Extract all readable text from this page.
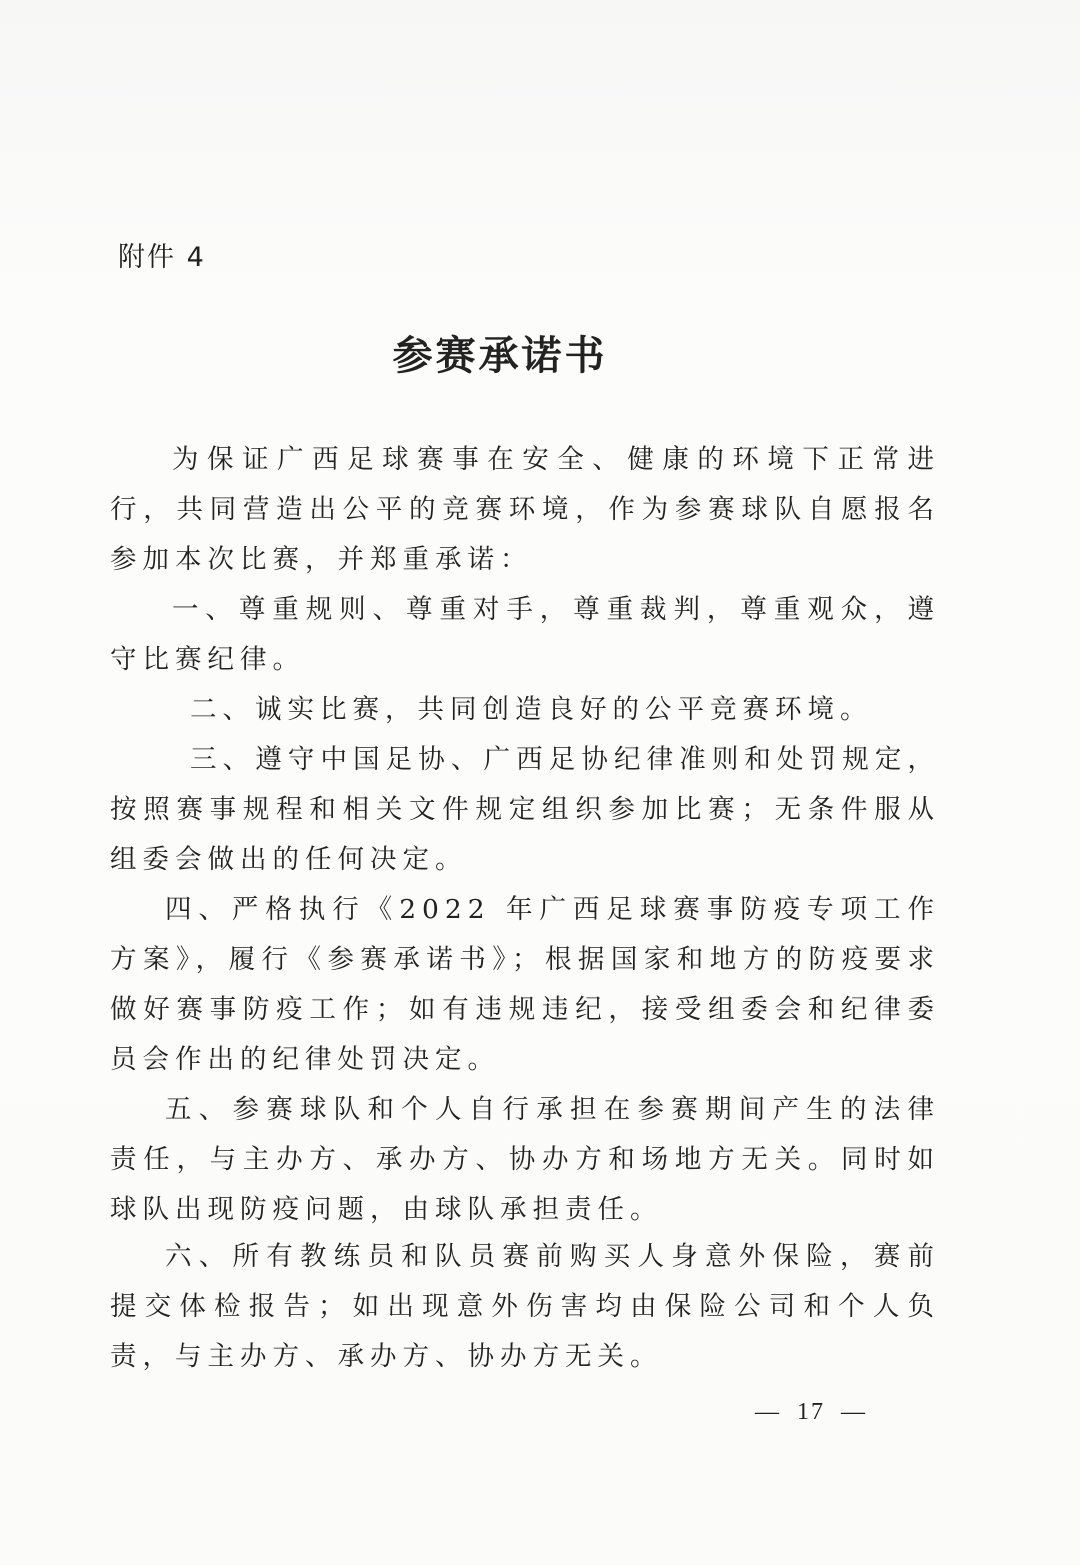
附件 4

参赛承诺书

为保证广西足球赛事在安全、健康的环境下正常进行，共同营造出公平的竞赛环境，作为参赛球队自愿报名参加本次比赛，并郑重承诺：

一、尊重规则、尊重对手，尊重裁判，尊重观众，遵守比赛纪律。

二、诚实比赛，共同创造良好的公平竞赛环境。

三、遵守中国足协、广西足协纪律准则和处罚规定，按照赛事规程和相关文件规定组织参加比赛；无条件服从组委会做出的任何决定。

四、严格执行《2022 年广西足球赛事防疫专项工作方案》，履行《参赛承诺书》；根据国家和地方的防疫要求做好赛事防疫工作；如有违规违纪，接受组委会和纪律委员会作出的纪律处罚决定。

五、参赛球队和个人自行承担在参赛期间产生的法律责任，与主办方、承办方、协办方和场地方无关。同时如球队出现防疫问题，由球队承担责任。

六、所有教练员和队员赛前购买人身意外保险，赛前提交体检报告；如出现意外伤害均由保险公司和个人负责，与主办方、承办方、协办方无关。

—  17  —
